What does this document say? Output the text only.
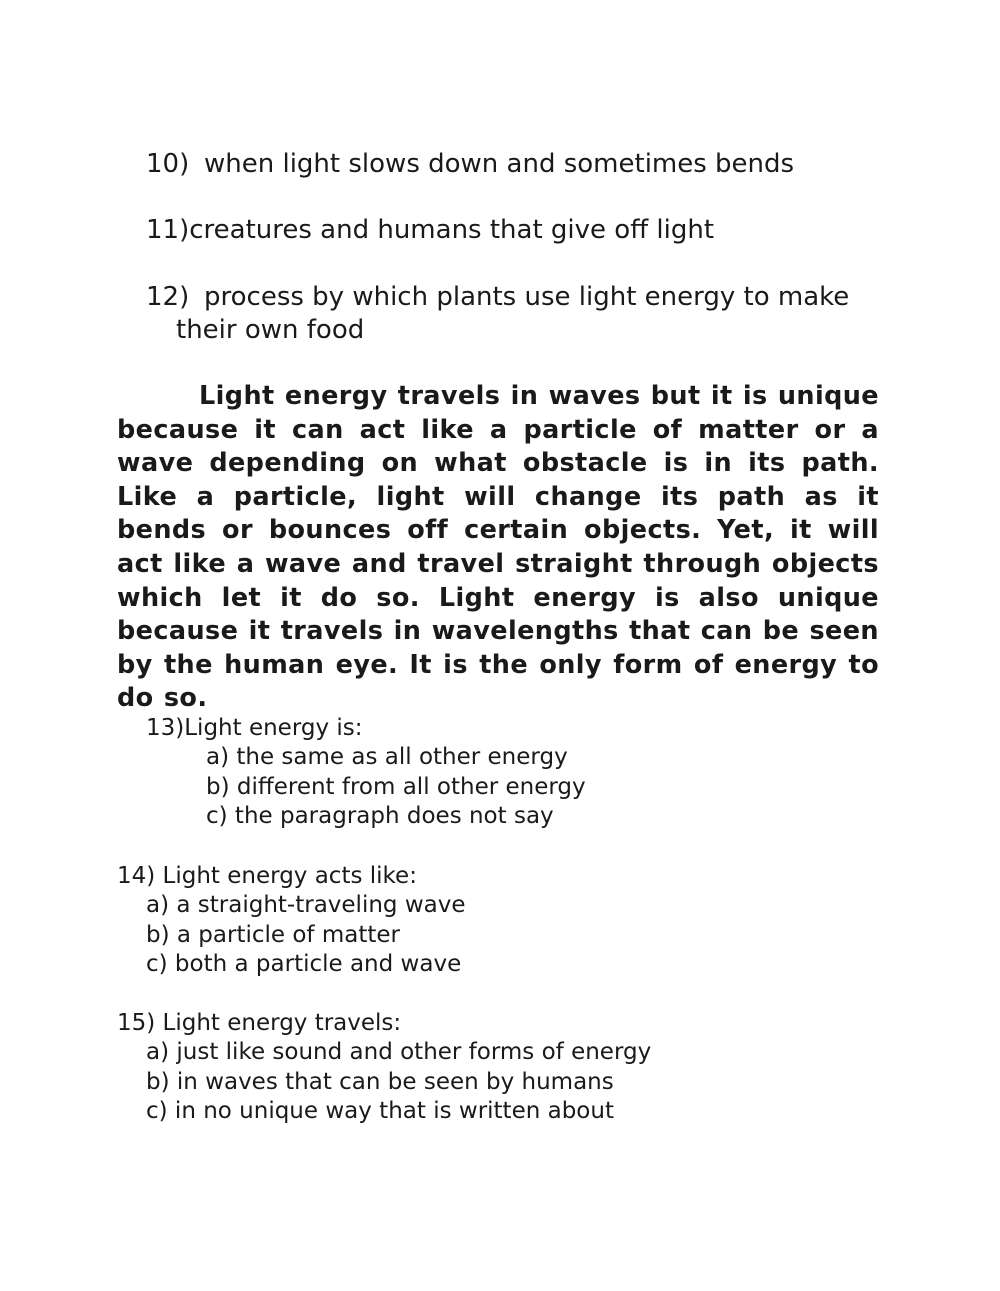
10) when light slows down and sometimes bends
11)creatures and humans that give off light
12) process by which plants use light energy to make
their own food
Light energy travels in waves but it is unique because it can act like a particle of matter or a wave depending on what obstacle is in its path. Like a particle, light will change its path as it bends or bounces off certain objects. Yet, it will act like a wave and travel straight through objects which let it do so. Light energy is also unique because it travels in wavelengths that can be seen by the human eye. It is the only form of energy to do so.
13)Light energy is:
a) the same as all other energy
b) different from all other energy
c) the paragraph does not say
14) Light energy acts like:
a) a straight-traveling wave
b) a particle of matter
c) both a particle and wave
15) Light energy travels:
a) just like sound and other forms of energy
b) in waves that can be seen by humans
c) in no unique way that is written about
